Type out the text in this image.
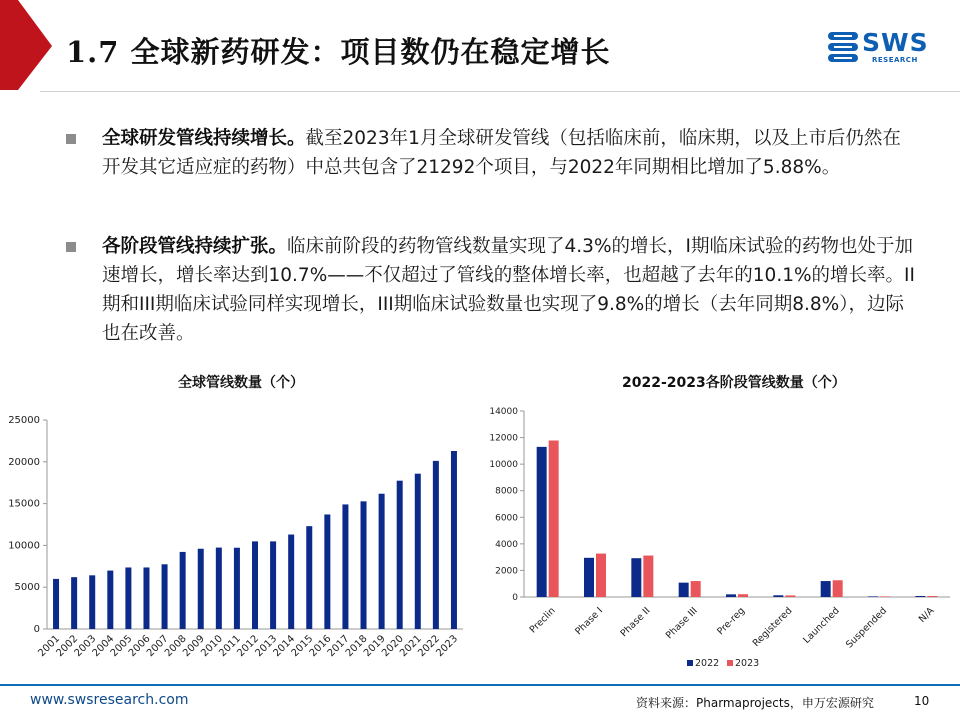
1.7 全球新药研发：项目数仍在稳定增长	SWS
RESEARCH
全球研发管线持续增长。截至2023年1月全球研发管线（包括临床前，临床期，以及上市后仍然在开发其它适应症的药物）中总共包含了21292个项目，与2022年同期相比增加了5.88%。
各阶段管线持续扩张。临床前阶段的药物管线数量实现了4.3%的增长，I期临床试验的药物也处于加速增长，增长率达到10.7%——不仅超过了管线的整体增长率，也超越了去年的10.1%的增长率。II期和III期临床试验同样实现增长，III期临床试验数量也实现了9.8%的增长（去年同期8.8%），边际也在改善。
全球管线数量（个）
0
5000
10000
15000
20000
25000
2001
2002
2003
2004
2005
2006
2007
2008
2009
2010
2011
2012
2013
2014
2015
2016
2017
2018
2019
2020
2021
2022
2023
2022-2023各阶段管线数量（个）
0
2000
4000
6000
8000
10000
12000
14000
Preclin Phase I Phase II Phase III Pre-reg Registered Launched Suspended	N/A
2022 2023
www.swsresearch.com	资料来源：Pharmaprojects，申万宏源研究	10
